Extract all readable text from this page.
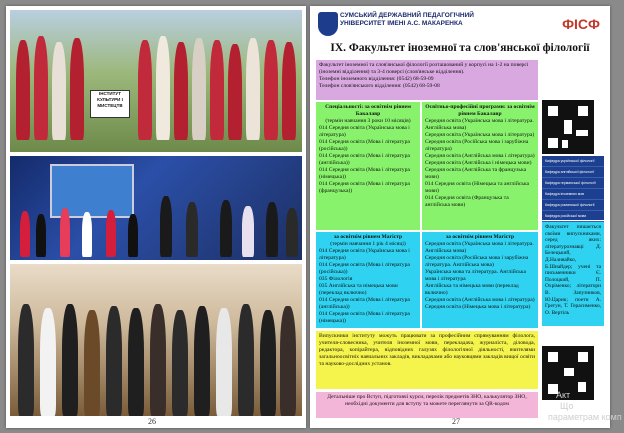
ІНСТИТУТ КУЛЬТУРИ І МИСТЕЦТВ
26
СУМСЬКИЙ ДЕРЖАВНИЙ ПЕДАГОГІЧНИЙ УНІВЕРСИТЕТ ІМЕНІ А.С. МАКАРЕНКА	ФІСФ
IX. Факультет іноземної та слов'янської філології
Факультет іноземної та слов'янської філології розташований у корпусі на 1-2 на поверсі (іноземні відділення) та 3-4 поверсі (слов'янське відділення).
Телефон іноземного відділення: (0542) 68-59-09
Телефон слов'янського відділення: (0542) 68-59-08
Спеціальності: за освітнім рівнем Бакалавр
(термін навчання 3 роки 10 місяців)
014 Середня освіта (Українська мова і література)
014 Середня освіта (Мова і література (російська))
014 Середня освіта (Мова і література (англійська))
014 Середня освіта (Мова і література (німецька))
014 Середня освіта (Мова і література (французька))
Освітньо-професійні програми: за освітнім рівнем Бакалавр
Середня освіта (Українська мова і література. Англійська мова)
Середня освіта (Українська мова і література)
Середня освіта (Російська мова і зарубіжна література)
Середня освіта (Англійська мова і література)
Середня освіта (Англійська і німецька мови)
Середня освіта (Англійська та французька мови)
014 Середня освіта (Німецька та англійська мови)
014 Середня освіта (Французька та англійська мови)
за освітнім рівнем Магістр
(термін навчання 1 рік 4 місяці)
014 Середня освіта (Українська мова і література)
014 Середня освіта (Мова і література (російська))
035 Філологія
035 Англійська та німецька мови (переклад включно)
014 Середня освіта (Мова і література (англійська))
014 Середня освіта (Мова і література (німецька))
за освітнім рівнем Магістр
Середня освіта (Українська мова і література. Англійська мова)
Середня освіта (Російська мова і зарубіжна література. Англійська мова)
Українська мова та література. Англійська мова і література
Англійська та німецька мови (переклад включно)
Середня освіта (Англійська мова і література)
Середня освіта (Німецька мова і література)
Випускники інституту можуть працювати за професійним спрямуванням філолога, учителя-словесника, учителя іноземної мови, перекладача, журналіста, діловода, редактора, копірайтера, відповідних галузях філологічної діяльності, вчителями загальноосвітніх навчальних закладів, викладачами або науковцями закладів вищої освіти та науково-дослідних установ.
Детальніше про Вступ, підготовчі курси, перелік предметів ЗНО, калькулятор ЗНО, необхідні документи для вступу та можете переглянути за QR-кодом
Кафедра української філології
Кафедра англійської філології
Кафедра германської філології
Кафедра іноземних мов
Кафедра романської філології
Кафедра російської мови
Факультет пишається своїми випускниками, серед яких: літературознавці Д. Белецький, Д.Наливайко, Б.Шнайдер; учені та письменники Є. Полоцкий, П. Охріменко; літератори В. Запузников, Ю.Царик; поети А. Грегун, Т. Герасименко, О. Вертіль
27
Акт
Що
параметрам комп
